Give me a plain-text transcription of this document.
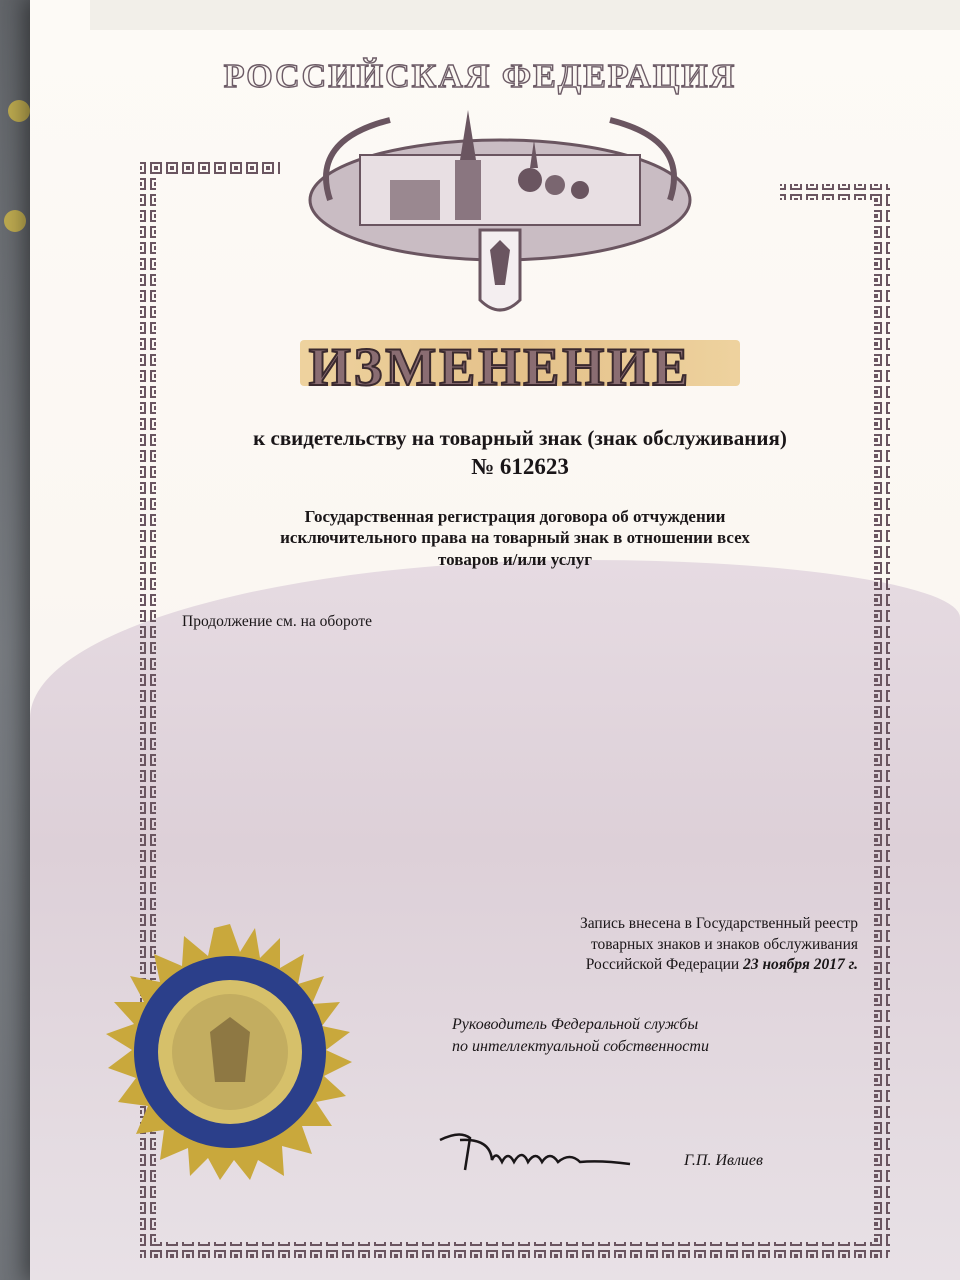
РОССИЙСКАЯ ФЕДЕРАЦИЯ
ИЗМЕНЕНИЕ
к свидетельству на товарный знак (знак обслуживания)
№ 612623
Государственная регистрация договора об отчуждении
исключительного права на товарный знак в отношении всех
товаров и/или услуг
Продолжение см. на обороте
Запись внесена в Государственный реестр
товарных знаков и знаков обслуживания
Российской Федерации 23 ноября 2017 г.
Руководитель Федеральной службы
по интеллектуальной собственности
Г.П. Ивлиев
